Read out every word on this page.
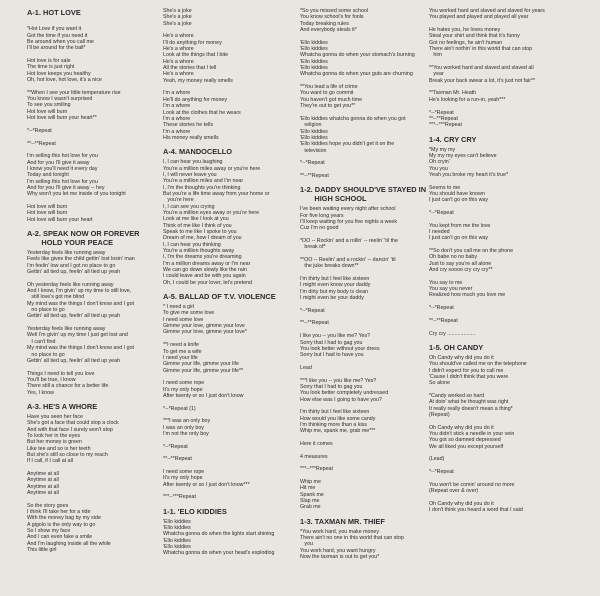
A-1. HOT LOVE
*Hot Love if you want it
Got the time if you need it
Be around when you call me
I'll be around for the ball*
Hot love is for sale
The time is just right
Hot love keeps you healthy
Oh, hot love, hot love, it's a nice
**When I see your little temperature rise
You know I wasn't surprised
To see you smiling
Hot love will burn
Hot love will burn your heart**
*--*Repeat
**--**Repeat
I'm selling this hot love for you
And for you I'll give it away
I know you'll need it every day
Today and tonight
I'm selling this hot love for you
And for you I'll give it away -- hey
Why won't you let me inside of you tonight
Hot love will burn
Hot love will burn
Hot love will burn your heart
A-2. SPEAK NOW OR FOREVER
HOLD YOUR PEACE
Yesterday feels like running away
Feels like gives the child gettin' lost losin' man
I'm feelin' low and I got no place to go
Gettin' all tied up, feelin' all tied up yeah
Oh yesterday feels like running away
And I know, I'm givin' up my time to still love,
still love's got me blind
My mind was the things I don't know and I got
no place to go
Gettin' all tied up, feelin' all tied up yeah
Yesterday feels like running away
Well I'm givin' up my time I just get lost and
I can't find
My mind was the things I don't know and I got
no place to go
Gettin' all tied up, feelin' all tied up yeah
Things I need to tell you love
You'll be true, I know
There still a chance for a better life
Yes, I know
A-3. HE'S A WHORE
Have you seen her face
She's got a face that could stop a clock
And with that face I surely won't stop
To look her in the eyes
But her money is green
Like tee and so is her teeth
But she's still so close to my reach
If I call, if I call at all
Anytime at all
Anytime at all
Anytime at all
Anytime at all
So the story goes
I think I'll take her for a ride
With the money bag by my side
A gigolo is the only way to go
So I show my face
And I can even fake a smile
And I'm laughing inside all the while
This little girl
She's a joke
She's a joke
She's a joke
He's a whore
I'll do anything for money
He's a whore
Look at the things that I bite
He's a whore
All the stories that I tell
He's a whore
Yeah, my money really smells
I'm a whore
He'll do anything for money
I'm a whore
Look at the clothes that he wears
I'm a whore
These stories he tells
I'm a whore
His money really smells
A-4. MANDOCELLO
I, I can hear you laughing
You're a million miles away or you're here
I, I will never leave you
You're a million miles and I'm near
I, I'm the thoughts you're thinking
But you're a life time away from your home or
you're here
I, I can see you crying
You're a million eyes away or you're here
Look at me like I look at you
Think of me like I think of you
Speak to me like I spoke to you
Dream of me, how I dream of you
I, I can hear you thinking
You're a million thoughts away
I, I'm the dreams you're dreaming
I'm a million dreams away or I'm near
We can go down slowly like the rain
I could leave and be with you again
Oh, I could be your lover, let's pretend
A-5. BALLAD OF T.V. VIOLENCE
* I need a girl
To give me some love
I need some love
Gimme your love, gimme your love
Gimme your love, gimme your love*
**I need a knife
To get me a wife
I need your life
Gimme your life, gimme your life
Gimme your life, gimme your life**
I need some rope
It's my only hope
After twenty or so I just don't know
*--*Repeat (1)
***I was an only boy
I was an only boy
I'm not the only boy
*--*Repeat
**--**Repeat
I need some rope
It's my only hope
After twenty or so I just don't know***
***--***Repeat
1-1. 'ELO KIDDIES
'Ello kiddies
'Ello kiddies
Whatcha gonna do when the lights start shining
'Ello kiddies
'Ello kiddies
Whatcha gonna do when your head's exploding
*So you missed some school
You know school's for fools
Today breaking rules
And everybody steals it*
'Ello kiddies
'Ello kiddies
Whatcha gonna do when your stomach's burning
'Ello kiddies
'Ello kiddies
Whatcha gonna do when your guts are churning
**You lead a life of crime
You want to go commit
You haven't got much time
They're out to get you**
'Ello kiddies whatcha gonna do when you got
religion
'Ello kiddies
'Ello kiddies
'Ello kiddies hope you didn't get it on the
television
*--*Repeat
**--**Repeat
1-2. DADDY SHOULD'VE STAYED IN
HIGH SCHOOL
I've been waiting every night after school
For five long years
I'll keep waiting for you five nights a week
Cuz I'm no good
*OO -- Rockin' and a rollin' -- reelin' 'til the
break of*
**OO -- Reelin' and a rockin' -- dancin' 'til
the juke breaks down**
I'm thirty but I feel like sixteen
I might even know your daddy
I'm dirty but my body is clean
I might even be your daddy
*--*Repeat
**--**Repeat
I like you -- you like me? Yes?
Sorry that I had to gag you
You look better without your dress
Sorry but I had to have you
Lead
***I like you -- you like me? Yes?
Sorry that I had to gag you
You look better completely undressed
How else was I going to have you?
I'm thirty but I feel like sixteen
How would you like some candy
I'm thinking more than a kiss
Whip me, spank me, grab me***
Here it comes
4 measures
***--***Repeat
Whip me
Hit me
Spank me
Slap me
Grab me
1-3. TAXMAN MR. THIEF
*You work hard, you make money
There ain't no one in this world that can stop
you
You work hard, you want hungry
Now the taxman is out to get you*
You worked hard and slaved and slaved for years
You played and played and played all year
He hates you, he loves money
Steal your shirt and think that it's funny
Got no feelings, he ain't human
There ain't nothin' in this world that can stop
him
**You worked hard and slaved and slaved all
year
Break your back swear a lot, it's just not fair**
**Taxman Mr. Heath
He's looking for a run-in, yeah***
*--*Repeat
**--**Repeat
***--***Repeat
1-4. CRY CRY
*My my my
My my my eyes can't believe
Oh cryin'
You you
Yeah you broke my heart it's true*
Seems to me
You should have known
I just can't go on this way
*--*Repeat
You kept from me the love
I needed
I just can't go on this way
**So don't you call me on the phone
Oh babe no no baby
Just to say you're all alone
And cry soooo cry cry cry**
You say to me
You say you never
Realized how much you love me
*--*Repeat
**--**Repeat
Cry cry ...................
1-5. OH CANDY
Oh Candy why did you do it
You should've called me on the telephone
I didn't expect for you to call me
'Cause I didn't think that you were
So alone
*Candy worked so hard
At doin' what he thought was right
It really really doesn't mean a thing*
(Repeat)
Oh Candy why did you do it
You didn't stick a needle in your vein
You got so damned depressed
We all liked you except yourself
(Lead)
*--*Repeat
You won't be comin' around no more
(Repeat over & over)
Oh Candy why did you do it
I don't think you heard a word that I said
